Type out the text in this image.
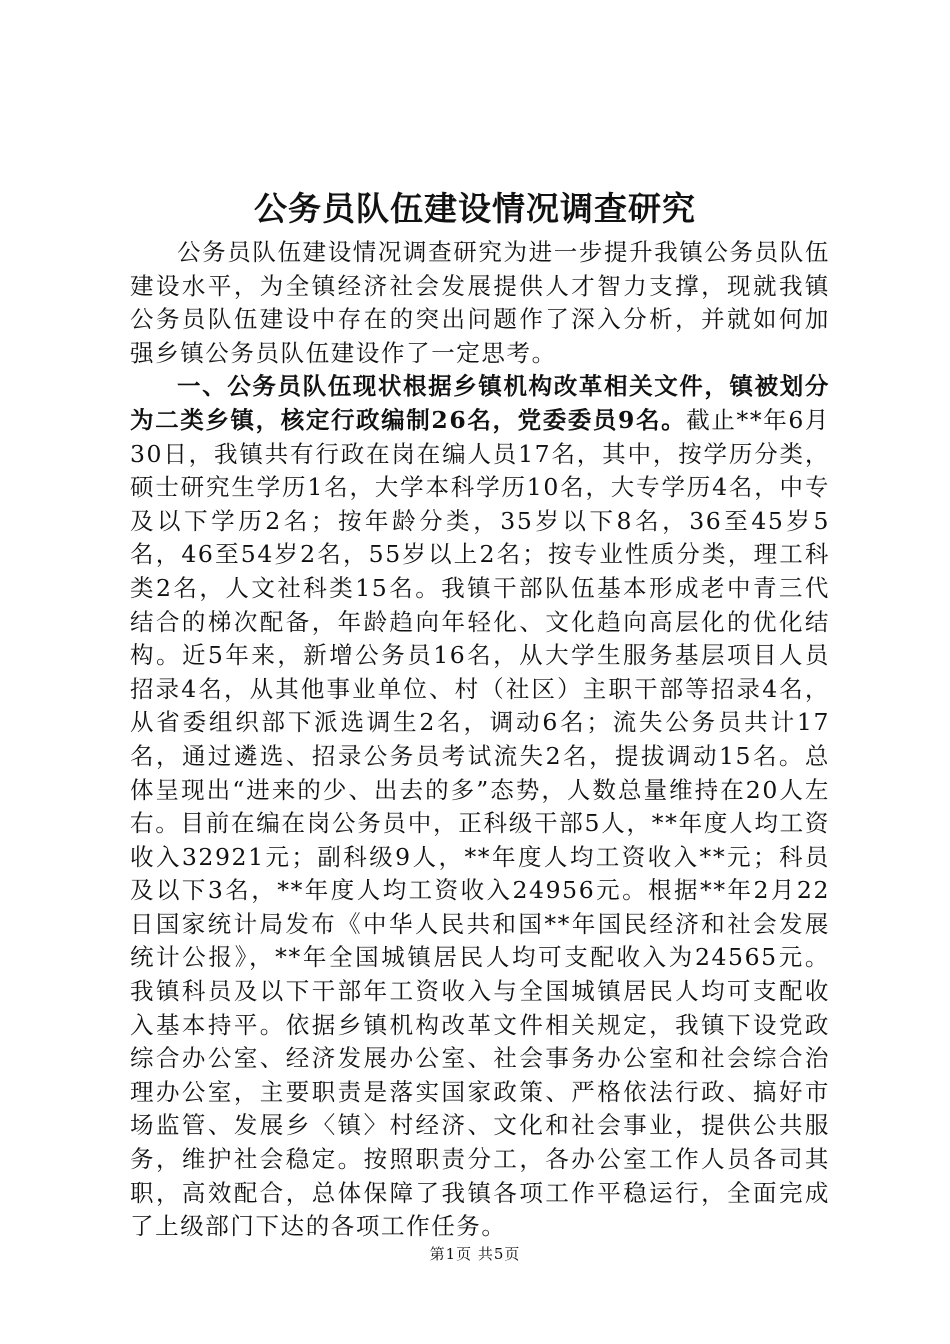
公务员队伍建设情况调查研究

公务员队伍建设情况调查研究为进一步提升我镇公务员队伍建设水平，为全镇经济社会发展提供人才智力支撑，现就我镇公务员队伍建设中存在的突出问题作了深入分析，并就如何加强乡镇公务员队伍建设作了一定思考。

一、公务员队伍现状根据乡镇机构改革相关文件，镇被划分为二类乡镇，核定行政编制26名，党委委员9名。截止**年6月30日，我镇共有行政在岗在编人员17名，其中，按学历分类，硕士研究生学历1名，大学本科学历10名，大专学历4名，中专及以下学历2名；按年龄分类，35岁以下8名，36至45岁5名，46至54岁2名，55岁以上2名；按专业性质分类，理工科类2名，人文社科类15名。我镇干部队伍基本形成老中青三代结合的梯次配备，年龄趋向年轻化、文化趋向高层化的优化结构。近5年来，新增公务员16名，从大学生服务基层项目人员招录4名，从其他事业单位、村（社区）主职干部等招录4名，从省委组织部下派选调生2名，调动6名；流失公务员共计17名，通过遴选、招录公务员考试流失2名，提拔调动15名。总体呈现出“进来的少、出去的多”态势，人数总量维持在20人左右。目前在编在岗公务员中，正科级干部5人，**年度人均工资收入32921元；副科级9人，**年度人均工资收入**元；科员及以下3名，**年度人均工资收入24956元。根据**年2月22日国家统计局发布《中华人民共和国**年国民经济和社会发展统计公报》，**年全国城镇居民人均可支配收入为24565元。我镇科员及以下干部年工资收入与全国城镇居民人均可支配收入基本持平。依据乡镇机构改革文件相关规定，我镇下设党政综合办公室、经济发展办公室、社会事务办公室和社会综合治理办公室，主要职责是落实国家政策、严格依法行政、搞好市场监管、发展乡〈镇〉村经济、文化和社会事业，提供公共服务，维护社会稳定。按照职责分工，各办公室工作人员各司其职，高效配合，总体保障了我镇各项工作平稳运行，全面完成了上级部门下达的各项工作任务。

第1页 共5页
